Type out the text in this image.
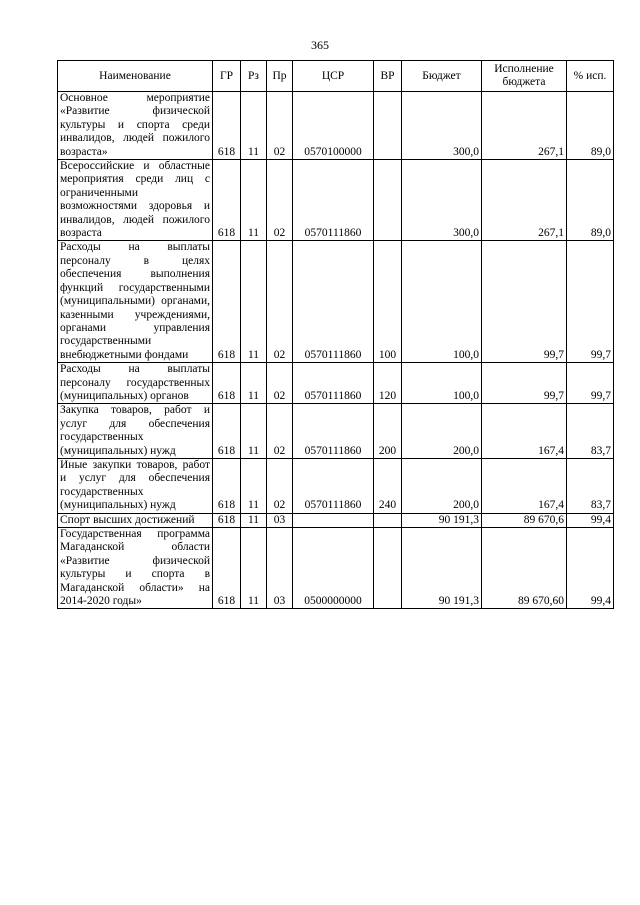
365
Наименование	ГР	Рз	Пр	ЦСР	ВР	Бюджет	Исполнение бюджета	% исп.
Основное мероприятие «Развитие физической культуры и спорта среди инвалидов, людей пожилого возраста»	618	11	02	0570100000		300,0	267,1	89,0
Всероссийские и областные мероприятия среди лиц с ограниченными возможностями здоровья и инвалидов, людей пожилого возраста	618	11	02	0570111860		300,0	267,1	89,0
Расходы на выплаты персоналу в целях обеспечения выполнения функций государственными (муниципальными) органами, казенными учреждениями, органами управления государственными внебюджетными фондами	618	11	02	0570111860	100	100,0	99,7	99,7
Расходы на выплаты персоналу государственных (муниципальных) органов	618	11	02	0570111860	120	100,0	99,7	99,7
Закупка товаров, работ и услуг для обеспечения государственных (муниципальных) нужд	618	11	02	0570111860	200	200,0	167,4	83,7
Иные закупки товаров, работ и услуг для обеспечения государственных (муниципальных) нужд	618	11	02	0570111860	240	200,0	167,4	83,7
Спорт высших достижений	618	11	03			90 191,3	89 670,6	99,4
Государственная программа Магаданской области «Развитие физической культуры и спорта в Магаданской области» на 2014-2020 годы»	618	11	03	0500000000		90 191,3	89 670,60	99,4
